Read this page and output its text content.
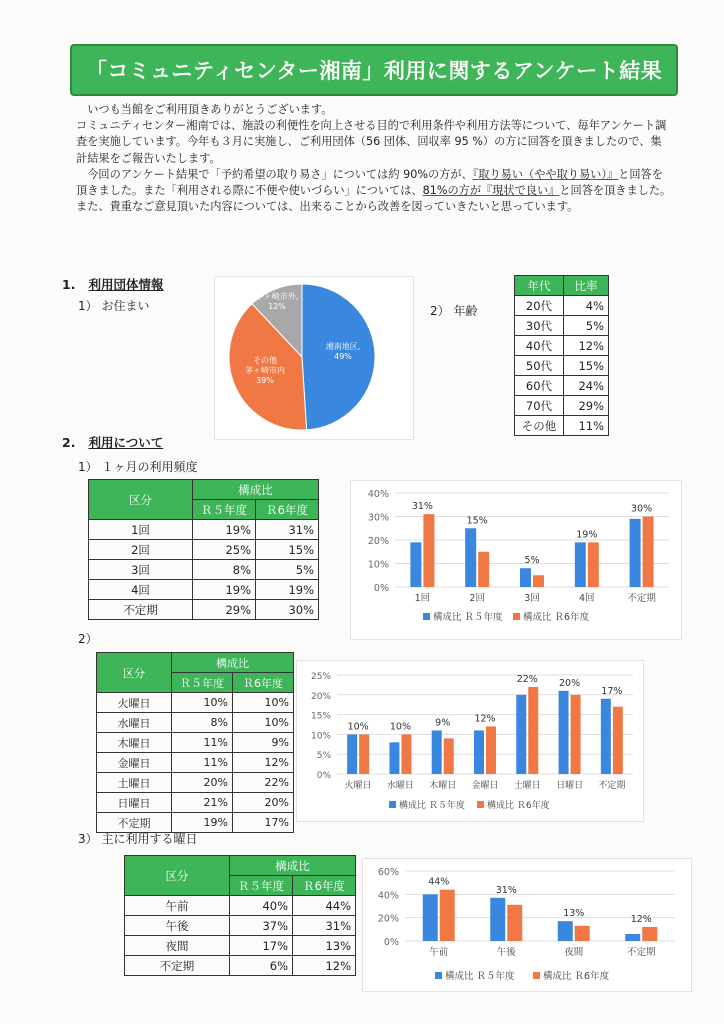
「コミュニティセンター湘南」利用に関するアンケート結果

いつも当館をご利用頂きありがとうございます。

コミュニティセンター湘南では、施設の利便性を向上させる目的で利用条件や利用方法等について、毎年アンケート調査を実施しています。今年も３月に実施し、ご利用団体（56 団体、回収率 95 %）の方に回答を頂きましたので、集計結果をご報告いたします。

今回のアンケート結果で「予約希望の取り易さ」については約 90%の方が、『取り易い（やや取り易い）』と回答を頂きました。また「利用される際に不便や使いづらい」については、81%の方が『現状で良い』と回答を頂きました。

また、貴重なご意見頂いた内容については、出来ることから改善を図っていきたいと思っています。

1. 利用団体情報
1） お住まい	2） 年齢
湘南地区, 49%
その他茅ヶ崎市内 39%
茅ヶ崎市外, 12%
年代	比率
20代	4%
30代	5%
40代	12%
50代	15%
60代	24%
70代	29%
その他	11%
2. 利用について
1） １ヶ月の利用頻度
区分	構成比	
	Ｒ５年度	Ｒ6年度
1回	19%	31%
2回	25%	15%
3回	8%	5%
4回	19%	19%
不定期	29%	30%
0%
10%
20%
30%
40%
31%
1回
15%
2回
5%
3回
19%
4回
30%
不定期
構成比 Ｒ５年度 構成比 Ｒ6年度
2）
区分	構成比	
	Ｒ５年度	Ｒ6年度
火曜日	10%	10%
水曜日	8%	10%
木曜日	11%	9%
金曜日	11%	12%
土曜日	20%	22%
日曜日	21%	20%
不定期	19%	17%
0%
5%
10%
15%
20%
25%
10%
火曜日
10%
水曜日
9%
木曜日
12%
金曜日
22%
土曜日
20%
日曜日
17%
不定期
構成比 Ｒ５年度 構成比 Ｒ6年度
3） 主に利用する曜日
区分	構成比	
	Ｒ５年度	Ｒ6年度
午前	40%	44%
午後	37%	31%
夜間	17%	13%
不定期	6%	12%
0%
20%
40%
60%
44%
午前
31%
午後
13%
夜間
12%
不定期
構成比 Ｒ５年度	構成比 Ｒ6年度
